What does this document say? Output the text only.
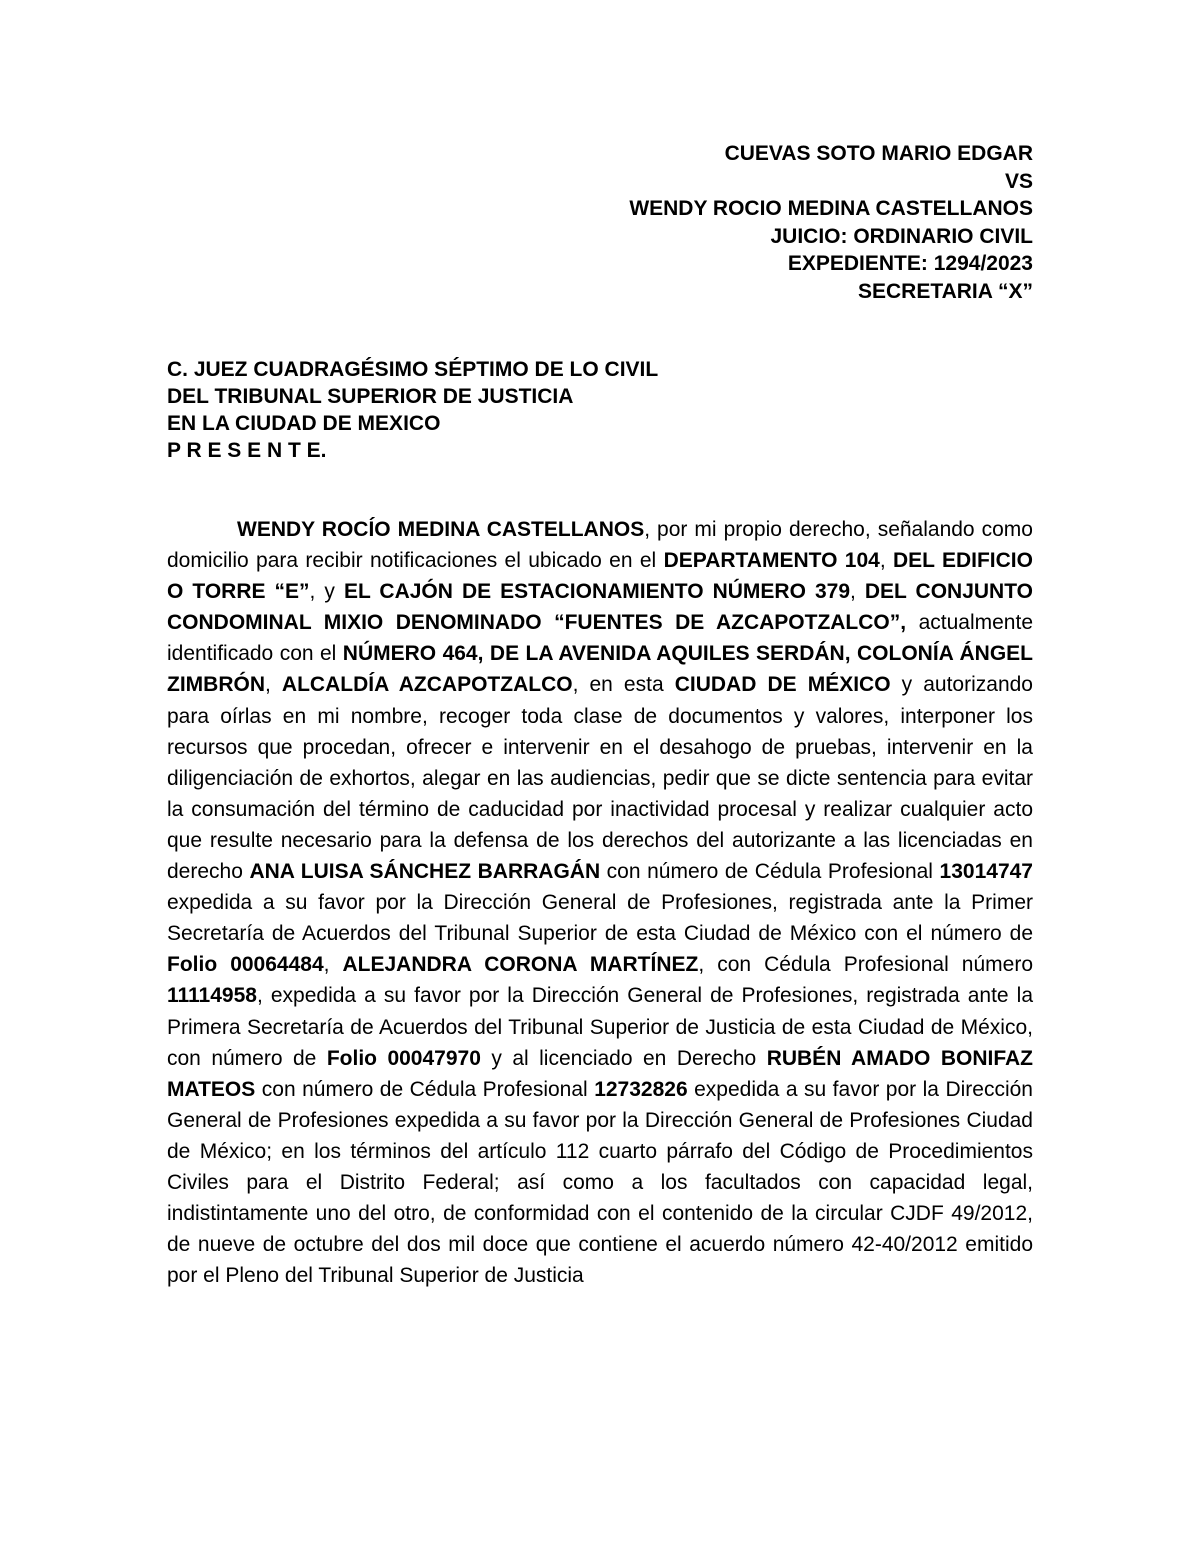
CUEVAS SOTO MARIO EDGAR
VS
WENDY ROCIO MEDINA CASTELLANOS
JUICIO: ORDINARIO CIVIL
EXPEDIENTE: 1294/2023
SECRETARIA “X”
C. JUEZ CUADRAGÉSIMO SÉPTIMO DE LO CIVIL
DEL TRIBUNAL SUPERIOR DE JUSTICIA
EN LA CIUDAD DE MEXICO
P R E S E N T E.

WENDY ROCÍO MEDINA CASTELLANOS, por mi propio derecho, señalando como domicilio para recibir notificaciones el ubicado en el DEPARTAMENTO 104, DEL EDIFICIO O TORRE “E”, y EL CAJÓN DE ESTACIONAMIENTO NÚMERO 379, DEL CONJUNTO CONDOMINAL MIXIO DENOMINADO “FUENTES DE AZCAPOTZALCO”, actualmente identificado con el NÚMERO 464, DE LA AVENIDA AQUILES SERDÁN, COLONÍA ÁNGEL ZIMBRÓN, ALCALDÍA AZCAPOTZALCO, en esta CIUDAD DE MÉXICO y autorizando para oírlas en mi nombre, recoger toda clase de documentos y valores, interponer los recursos que procedan, ofrecer e intervenir en el desahogo de pruebas, intervenir en la diligenciación de exhortos, alegar en las audiencias, pedir que se dicte sentencia para evitar la consumación del término de caducidad por inactividad procesal y realizar cualquier acto que resulte necesario para la defensa de los derechos del autorizante a las licenciadas en derecho ANA LUISA SÁNCHEZ BARRAGÁN con número de Cédula Profesional 13014747 expedida a su favor por la Dirección General de Profesiones, registrada ante la Primer Secretaría de Acuerdos del Tribunal Superior de esta Ciudad de México con el número de Folio 00064484, ALEJANDRA CORONA MARTÍNEZ, con Cédula Profesional número 11114958, expedida a su favor por la Dirección General de Profesiones, registrada ante la Primera Secretaría de Acuerdos del Tribunal Superior de Justicia de esta Ciudad de México, con número de Folio 00047970 y al licenciado en Derecho RUBÉN AMADO BONIFAZ MATEOS con número de Cédula Profesional 12732826 expedida a su favor por la Dirección General de Profesiones expedida a su favor por la Dirección General de Profesiones Ciudad de México; en los términos del artículo 112 cuarto párrafo del Código de Procedimientos Civiles para el Distrito Federal; así como a los facultados con capacidad legal, indistintamente uno del otro, de conformidad con el contenido de la circular CJDF 49/2012, de nueve de octubre del dos mil doce que contiene el acuerdo número 42-40/2012 emitido por el Pleno del Tribunal Superior de Justicia
